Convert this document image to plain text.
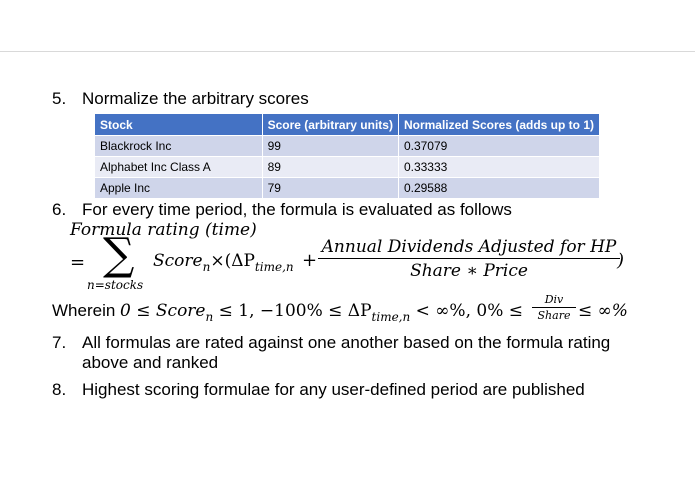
5. Normalize the arbitrary scores
Stock	Score (arbitrary units)	Normalized Scores (adds up to 1)
Blackrock Inc	99	0.37079
Alphabet Inc Class A	89	0.33333
Apple Inc	79	0.29588
6. For every time period, the formula is evaluated as follows
Formula rating (time)
= ∑
n=stocks
$Score_n\times(\Delta P_{time,n}$ +
Annual Dividends Adjusted for HP
Share ∗ Price	)
Wherein 0 ≤ Score$_n$ ≤ 1, $-100\% \le \Delta P_{time,n}$ < ∞%, 0% ≤
Div
Share ≤ ∞%
7. All formulas are rated against one another based on the formula rating
above and ranked
8. Highest scoring formulae for any user-defined period are published
